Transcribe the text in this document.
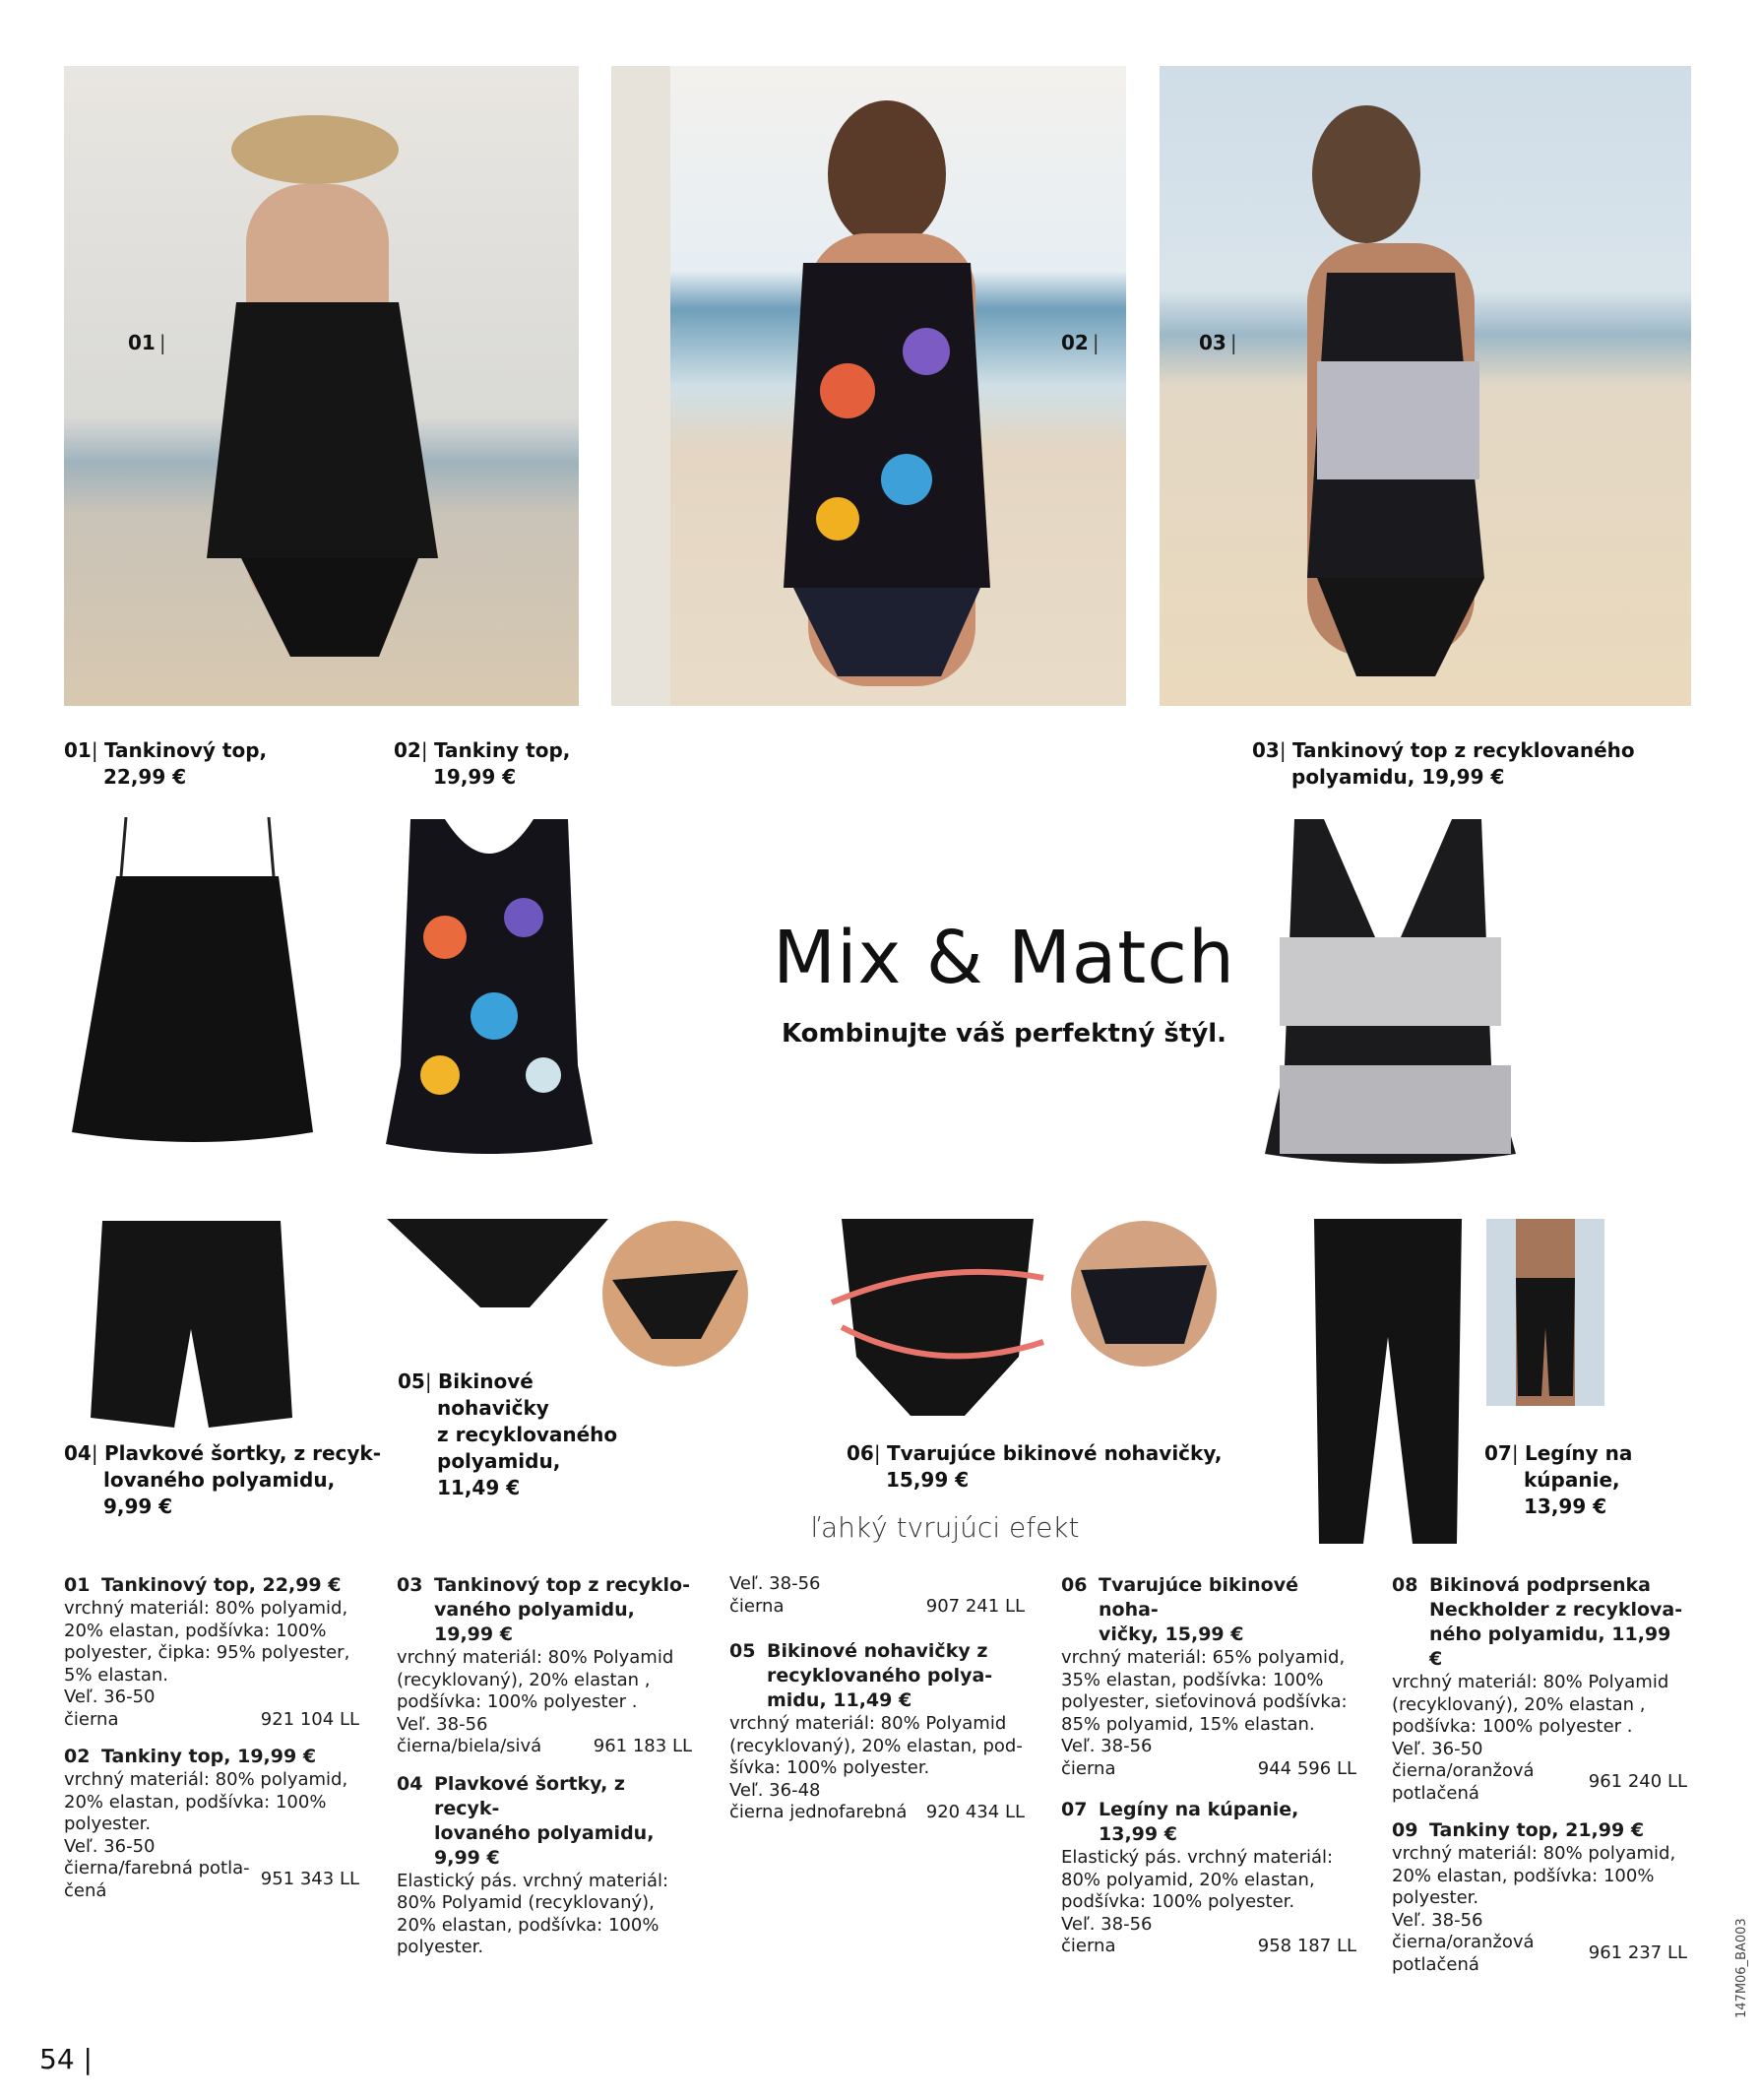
01 |	02 |	03 |
01| Tankinový top,
22,99 €
02| Tankiny top,
19,99 €
03| Tankinový top z recyklovaného
polyamidu, 19,99 €
Mix & Match
Kombinujte váš perfektný štýl.
04| Plavkové šortky, z recyk-
lovaného polyamidu,
9,99 €
05| Bikinové
nohavičky
z recyklovaného
polyamidu,
11,49 €
06| Tvarujúce bikinové nohavičky,
15,99 €
07| Legíny na
kúpanie,
13,99 €
ľahký tvrujúci efekt
01 Tankinový top, 22,99 €
vrchný materiál: 80% polyamid,
20% elastan, podšívka: 100%
polyester, čipka: 95% polyester,
5% elastan.
Veľ. 36-50
čierna	921 104 LL
02 Tankiny top, 19,99 €
vrchný materiál: 80% polyamid,
20% elastan, podšívka: 100%
polyester.
Veľ. 36-50
čierna/farebná potla-
čená
951 343 LL
03 Tankinový top z recyklo-
vaného polyamidu,
19,99 €
vrchný materiál: 80% Polyamid
(recyklovaný), 20% elastan ,
podšívka: 100% polyester .
Veľ. 38-56
čierna/biela/sivá	961 183 LL
04 Plavkové šortky, z recyk-
lovaného polyamidu,
9,99 €
Elastický pás. vrchný materiál:
80% Polyamid (recyklovaný),
20% elastan, podšívka: 100%
polyester.
Veľ. 38-56
čierna	907 241 LL
05 Bikinové nohavičky z
recyklovaného polya-
midu, 11,49 €
vrchný materiál: 80% Polyamid
(recyklovaný), 20% elastan, pod-
šívka: 100% polyester.
Veľ. 36-48
čierna jednofarebná 920 434 LL
06 Tvarujúce bikinové noha-
vičky, 15,99 €
vrchný materiál: 65% polyamid,
35% elastan, podšívka: 100%
polyester, sieťovinová podšívka:
85% polyamid, 15% elastan.
Veľ. 38-56
čierna	944 596 LL
07 Legíny na kúpanie,
13,99 €
Elastický pás. vrchný materiál:
80% polyamid, 20% elastan,
podšívka: 100% polyester.
Veľ. 38-56
čierna	958 187 LL
08 Bikinová podprsenka
Neckholder z recyklova-
ného polyamidu, 11,99 €
vrchný materiál: 80% Polyamid
(recyklovaný), 20% elastan ,
podšívka: 100% polyester .
Veľ. 36-50
čierna/oranžová
potlačená
961 240 LL
09 Tankiny top, 21,99 €
vrchný materiál: 80% polyamid,
20% elastan, podšívka: 100%
polyester.
Veľ. 38-56
čierna/oranžová
potlačená
961 237 LL
54 |
147M06_BA003
